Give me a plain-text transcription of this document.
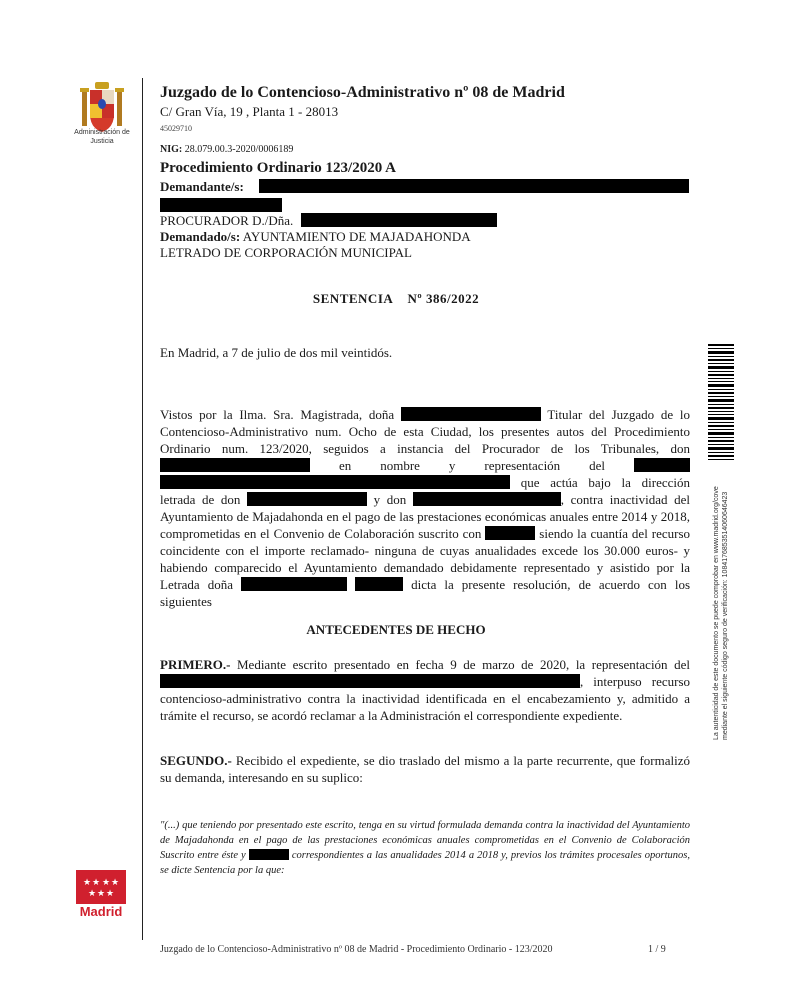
Administración de Justicia
Juzgado de lo Contencioso-Administrativo nº 08 de Madrid
C/ Gran Vía, 19 , Planta 1 - 28013
45029710
NIG: 28.079.00.3-2020/0006189
Procedimiento Ordinario 123/2020 A
Demandante/s:
PROCURADOR D./Dña.
Demandado/s: AYUNTAMIENTO DE MAJADAHONDA
LETRADO DE CORPORACIÓN MUNICIPAL
SENTENCIA    Nº 386/2022
En Madrid, a 7 de julio de dos mil veintidós.
Vistos por la Ilma. Sra. Magistrada, doña	Titular del Juzgado de lo Contencioso-Administrativo num. Ocho de esta Ciudad, los presentes autos del Procedimiento Ordinario num. 123/2020, seguidos a instancia del Procurador de los Tribunales, don  en nombre y representación del   que actúa bajo la dirección letrada de don	y don	, contra inactividad del Ayuntamiento de Majadahonda en el pago de las prestaciones económicas anuales entre 2014 y 2018, comprometidas en el Convenio de Colaboración suscrito con	siendo la cuantía del recurso coincidente con el importe reclamado- ninguna de cuyas anualidades excede los 30.000 euros- y habiendo comparecido el Ayuntamiento demandado debidamente representado y asistido por la Letrada doña	dicta la presente resolución, de acuerdo con los siguientes
ANTECEDENTES DE HECHO
PRIMERO.- Mediante escrito presentado en fecha 9 de marzo de 2020, la representación del , interpuso recurso contencioso-administrativo contra la inactividad identificada en el encabezamiento y, admitido a trámite el recurso, se acordó reclamar a la Administración el correspondiente expediente.
SEGUNDO.- Recibido el expediente, se dio traslado del mismo a la parte recurrente, que formalizó su demanda, interesando en su suplico:
"(...) que teniendo por presentado este escrito, tenga en su virtud formulada demanda contra la inactividad del Ayuntamiento de Majadahonda en el pago de las prestaciones económicas anuales comprometidas en el Convenio de Colaboración Suscrito entre éste y	correspondientes a las anualidades 2014 a 2018 y, previos los trámites procesales oportunos, se dicte Sentencia por la que:
La autenticidad de este documento se puede comprobar en www.madrid.org/cove mediante el siguiente código seguro de verificación: 1084176853514060646423
★ ★ ★ ★
★ ★ ★
Madrid
Juzgado de lo Contencioso-Administrativo nº 08 de Madrid - Procedimiento Ordinario - 123/2020	1 / 9
